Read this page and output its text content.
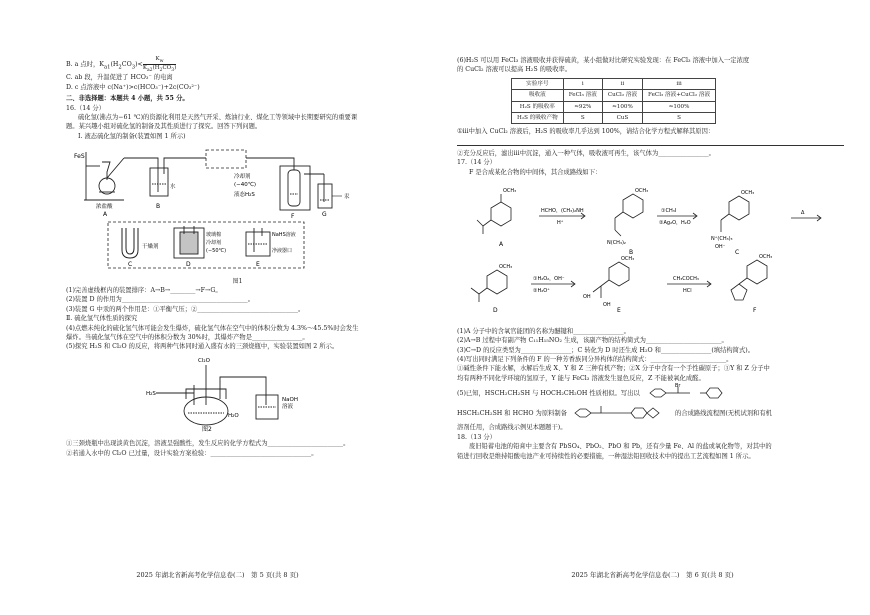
B. a 点时，$K_{a1}(H_2CO_3)< \frac{K_w}{K_{a2}(H_2CO_3)}$
C. ab 段，升温促进了 HCO₃⁻ 的电离
D. c 点溶液中 c(Na⁺)>c(HCO₃⁻)+2c(CO₃²⁻)
二、非选择题：本题共 4 小题，共 55 分。
16.（14 分）
硫化氢(沸点为−61 ℃)的资源化利用是天然气开采、炼油行业、煤化工等领域中长期要研究的重要课
题。某兴趣小组对硫化氢的制备及其性质进行了探究。回答下列问题。
Ⅰ. 液态硫化氢的制备(装置如图 1 所示)
FeS
浓盐酸
A
水
B
冷却剂
(−40℃)
液态H₂S
F
汞
G
干燥剂
C
玻璃棉
冷却剂
(−50℃)
D
NaHS溶液
净液器口
E
图1
(1)完善虚线框内的装置排序：A→B→________→F→G。
(2)装置 D 的作用为________________________________________。
(3)装置 G 中汞的两个作用是：①平衡气压；②________________________________。
Ⅱ. 硫化氢气体性质的探究
(4)点燃未纯化的硫化氢气体可能会发生爆炸，硫化氢气体在空气中的体积分数为 4.3%～45.5%时会发生
爆炸。当硫化氢气体在空气中的体积分数为 30%时，其爆炸产物是________________。
(5)探究 H₂S 和 Cl₂O 的反应，将两种气体同时通入盛有水的三颈烧瓶中，实验装置如图 2 所示。
Cl₂O
H₂S
H₂O
NaOH
溶液
图2
①三颈烧瓶中出现淡黄色沉淀，溶液呈强酸性，发生反应的化学方程式为________________________。
②若通入水中的 Cl₂O 已过量，设计实验方案检验：________________________________。
2025 年湖北省新高考化学信息卷(二)　第 5 页(共 8 页)
(6)H₂S 可以用 FeCl₃ 溶液吸收并获得硫黄，某小组做对比研究实验发现：在 FeCl₃ 溶液中加入一定浓度
的 CuCl₂ 溶液可以提高 H₂S 的吸收率。
实验序号	ⅰ	ⅱ	ⅲ
吸收液	FeCl₃ 溶液	CuCl₂ 溶液	FeCl₃ 溶液+CuCl₂ 溶液
H₂S 的吸收率	≈92%	≈100%	≈100%
H₂S 的吸收产物	S	CuS	S
①ⅲ中加入 CuCl₂ 溶液后，H₂S 的吸收率几乎达到 100%，请结合化学方程式解释其原因：
②充分反应后，滤出ⅲ中沉淀，通入一种气体，吸收液可再生，该气体为________________。
17.（14 分）
F 是合成某化合物的中间体，其合成路线如下：
OCH₃
A
HCHO，(CH₃)₂NH
H⁺
OCH₃
N(CH₃)₂
B
①CH₃I
②Ag₂O，H₂O
OCH₃
N⁺(CH₃)₃
OH⁻
C
Δ
OCH₃
D
①H₂O₂，OH⁻
②H₂O⁺
OCH₃
OH
OH
E
CH₃COCH₃
HCl
OCH₃
F
(1)A 分子中的含氧官能团的名称为醚键和________________。
(2)A→B 过程中有副产物 C₁₁H₁₅NO₂ 生成，该副产物的结构简式为________________________。
(3)C→D 的反应类型为________________；C 转化为 D 时还生成 H₂O 和________________(填结构简式)。
(4)写出同时满足下列条件的 F 的一种芳香族同分异构体的结构简式：________________________。
①碱性条件下能水解，水解后生成 X、Y 和 Z 三种有机产物；②X 分子中含有一个手性碳原子；③Y 和 Z 分子中
均有两种不同化学环境的氢原子，Y 能与 FeCl₃ 溶液发生显色反应，Z 不能被氧化成醛。
(5)已知，HSCH₂CH₂SH 与 HOCH₂CH₂OH 性质相似。写出以
Br
HSCH₂CH₂SH 和 HCHO 为原料制备	的合成路线流程图(无机试剂和有机
溶剂任用，合成路线示例见本题题干)。
18.（13 分）
废旧铅蓄电池的铅膏中主要含有 PbSO₄、PbO₂、PbO 和 Pb，还有少量 Fe、Al 的盐或氧化物等，对其中的
铅进行回收是维持铅酸电池产业可持续性的必要措施，一种湿法铅回收技术中的提出工艺流程如图 1 所示。
2025 年湖北省新高考化学信息卷(二)　第 6 页(共 8 页)
